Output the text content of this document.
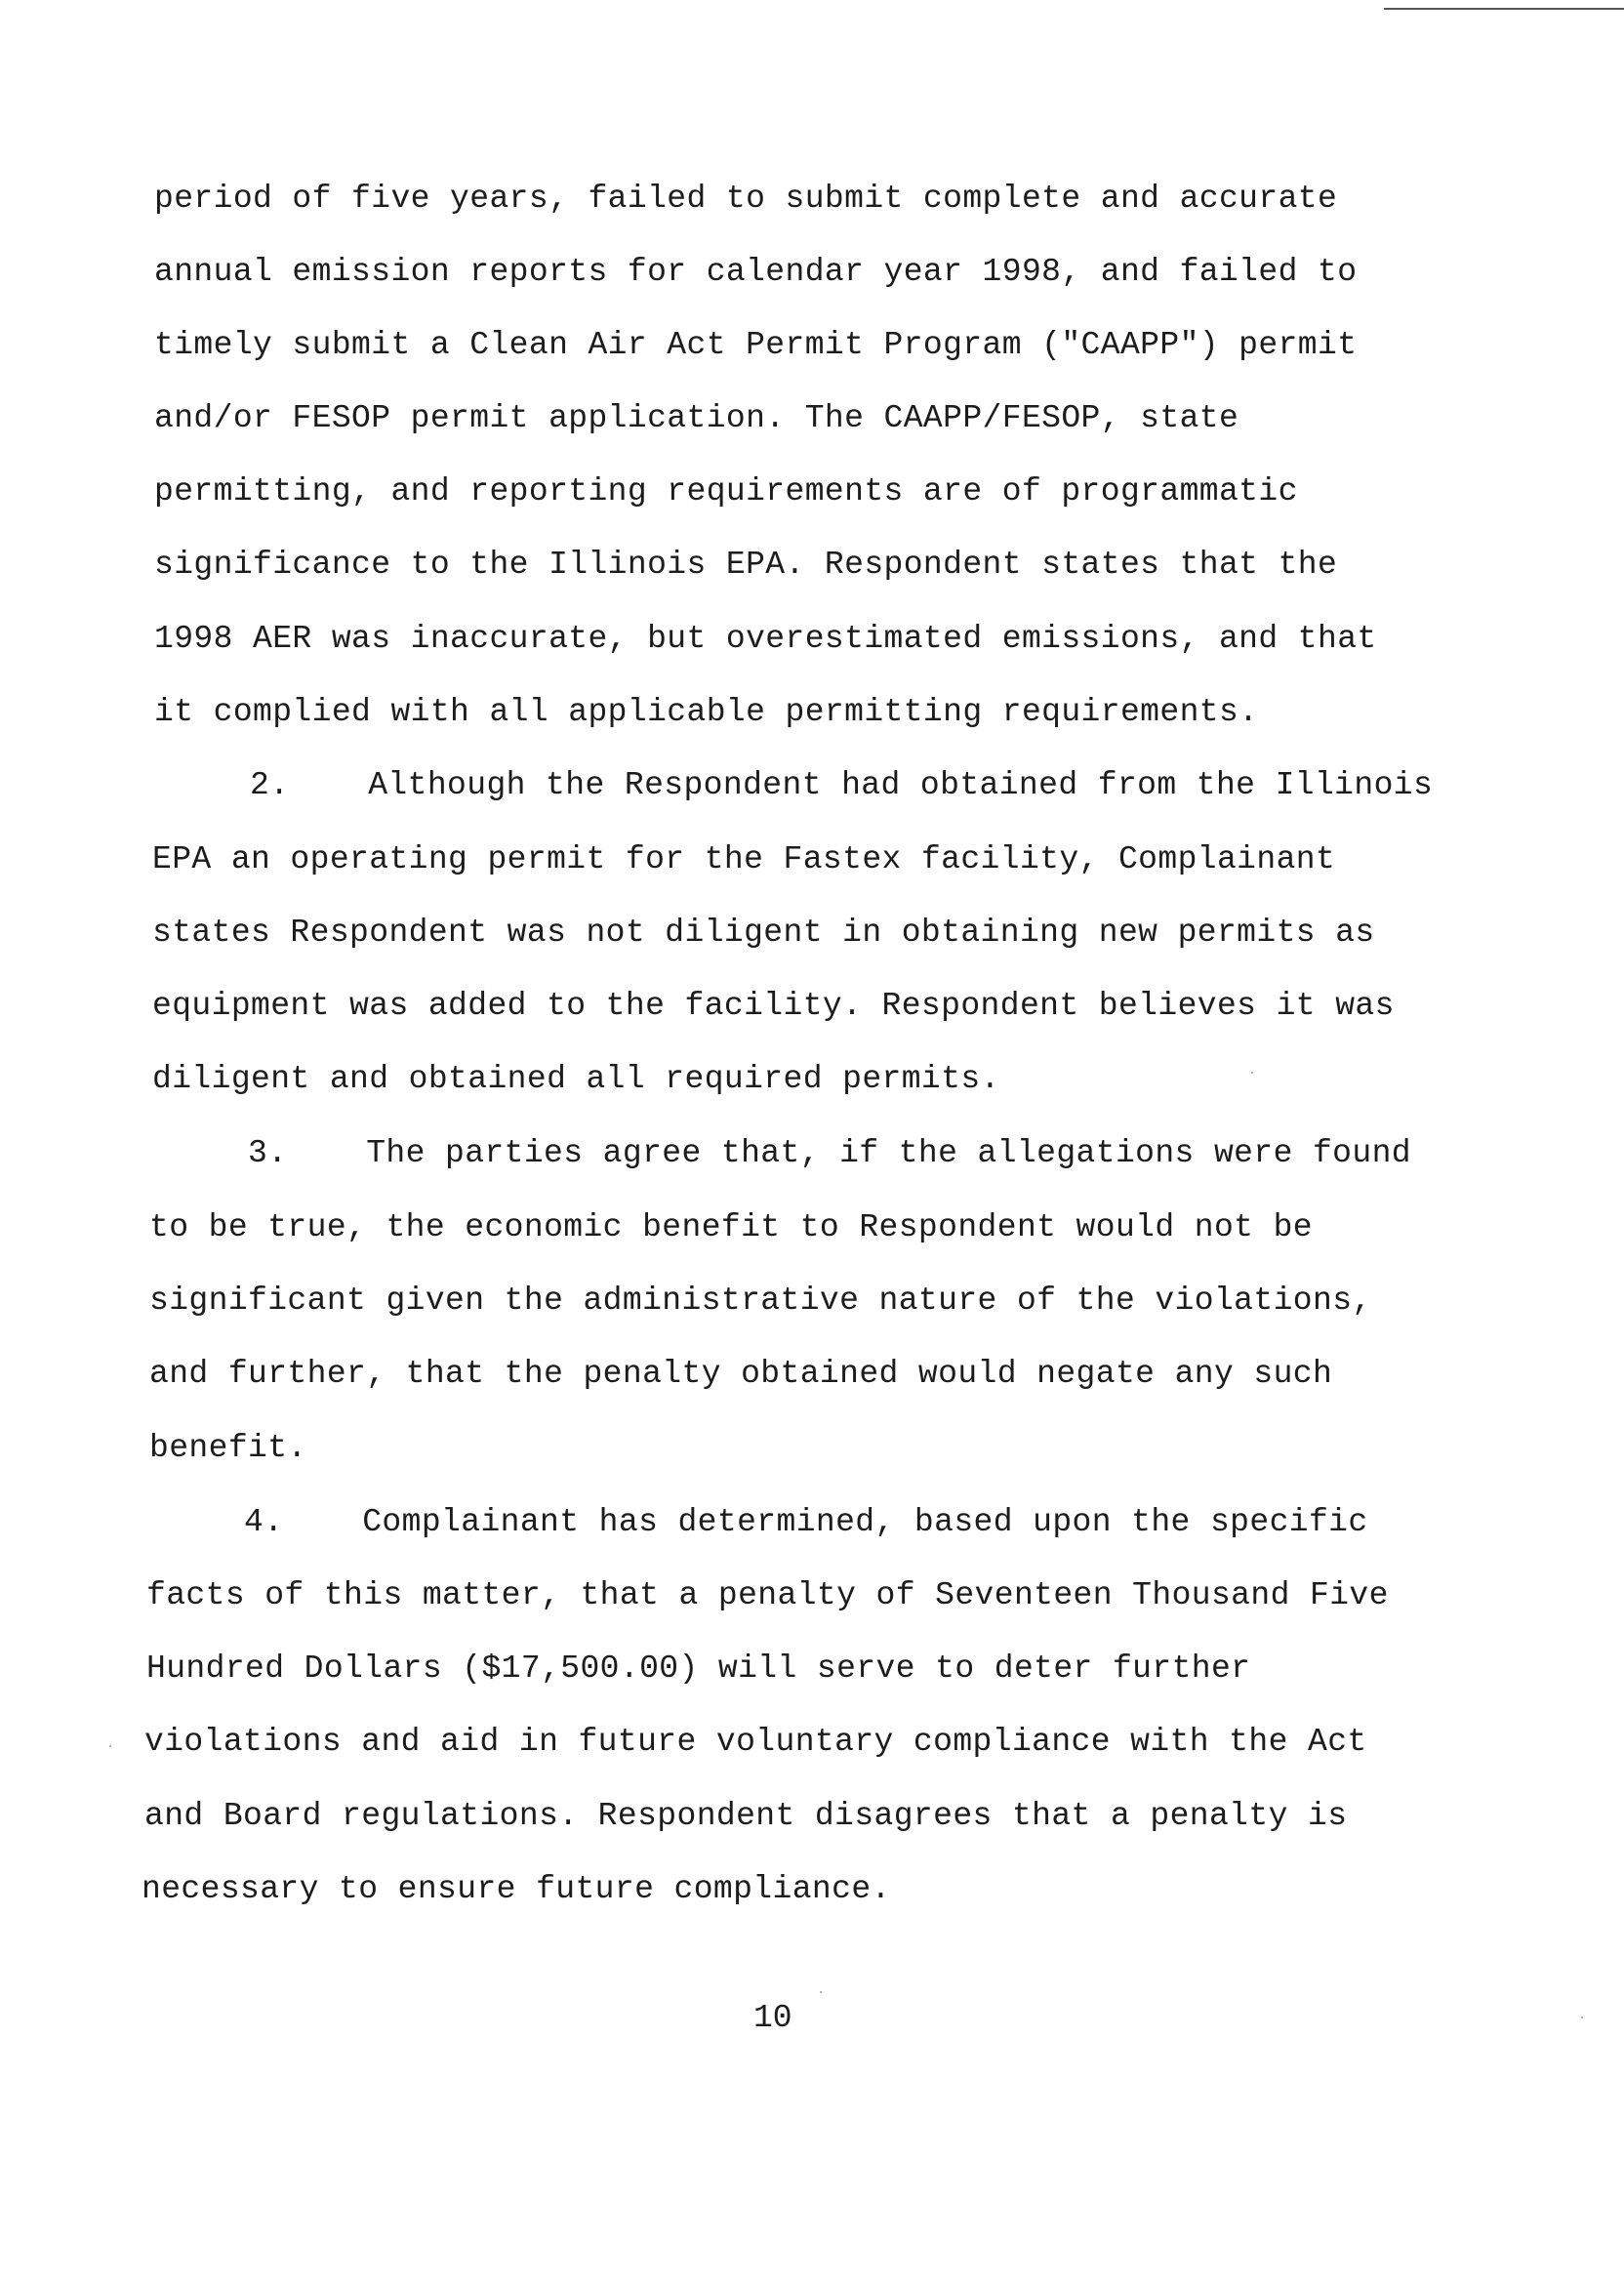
period of five years, failed to submit complete and accurate
annual emission reports for calendar year 1998, and failed to
timely submit a Clean Air Act Permit Program ("CAAPP") permit
and/or FESOP permit application. The CAAPP/FESOP, state
permitting, and reporting requirements are of programmatic
significance to the Illinois EPA. Respondent states that the
1998 AER was inaccurate, but overestimated emissions, and that
it complied with all applicable permitting requirements.
2.    Although the Respondent had obtained from the Illinois
EPA an operating permit for the Fastex facility, Complainant
states Respondent was not diligent in obtaining new permits as
equipment was added to the facility. Respondent believes it was
diligent and obtained all required permits.
3.    The parties agree that, if the allegations were found
to be true, the economic benefit to Respondent would not be
significant given the administrative nature of the violations,
and further, that the penalty obtained would negate any such
benefit.
4.    Complainant has determined, based upon the specific
facts of this matter, that a penalty of Seventeen Thousand Five
Hundred Dollars ($17,500.00) will serve to deter further
violations and aid in future voluntary compliance with the Act
and Board regulations. Respondent disagrees that a penalty is
necessary to ensure future compliance.
10
